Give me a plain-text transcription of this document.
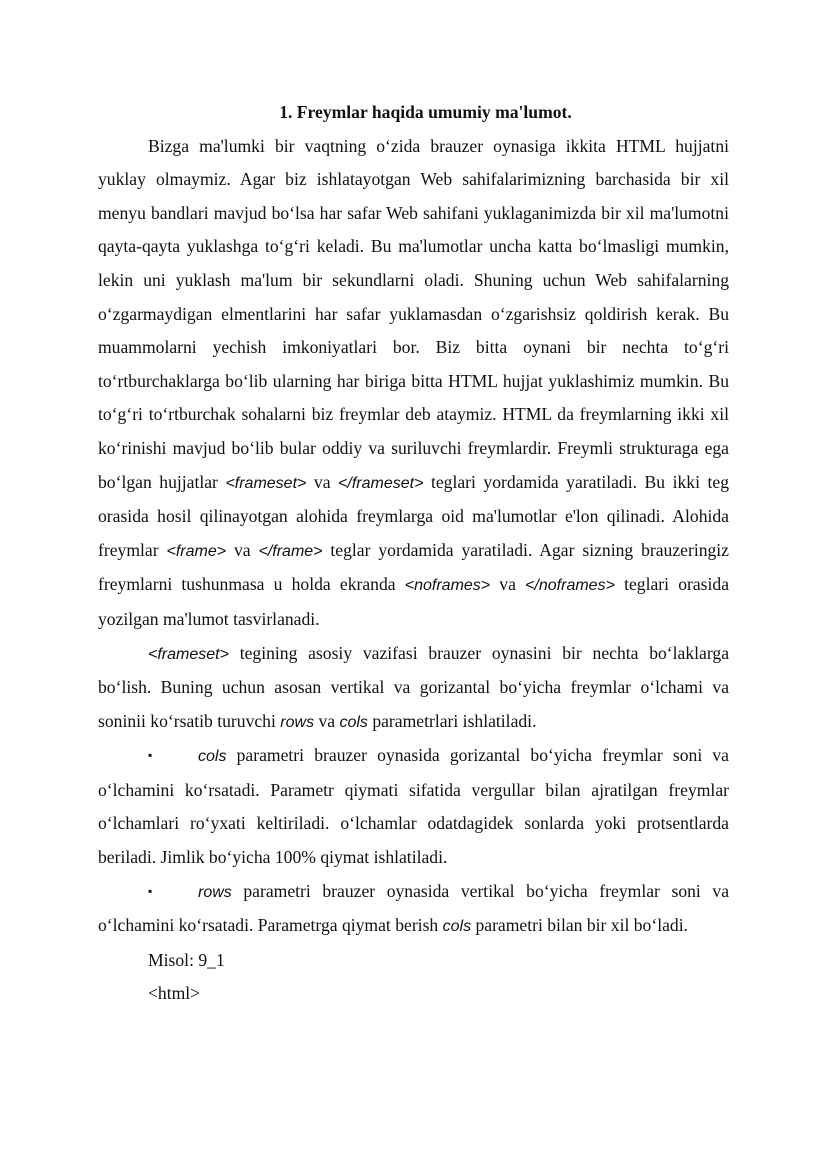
1. Freymlar haqida umumiy ma'lumot.

Bizga ma'lumki bir vaqtning o‘zida brauzer oynasiga ikkita HTML hujjatni yuklay olmaymiz. Agar biz ishlatayotgan Web sahifalarimizning barchasida bir xil menyu bandlari mavjud bo‘lsa har safar Web sahifani yuklaganimizda bir xil ma'lumotni qayta-qayta yuklashga to‘g‘ri keladi. Bu ma'lumotlar uncha katta bo‘lmasligi mumkin, lekin uni yuklash ma'lum bir sekundlarni oladi. Shuning uchun Web sahifalarning o‘zgarmaydigan elmentlarini har safar yuklamasdan o‘zgarishsiz qoldirish kerak. Bu muammolarni yechish imkoniyatlari bor. Biz bitta oynani bir nechta to‘g‘ri to‘rtburchaklarga bo‘lib ularning har biriga bitta HTML hujjat yuklashimiz mumkin. Bu to‘g‘ri to‘rtburchak sohalarni biz freymlar deb ataymiz. HTML da freymlarning ikki xil ko‘rinishi mavjud bo‘lib bular oddiy va suriluvchi freymlardir. Freymli strukturaga ega bo‘lgan hujjatlar <frameset> va </frameset> teglari yordamida yaratiladi. Bu ikki teg orasida hosil qilinayotgan alohida freymlarga oid ma'lumotlar e'lon qilinadi. Alohida freymlar <frame> va </frame> teglar yordamida yaratiladi. Agar sizning brauzeringiz freymlarni tushunmasa u holda ekranda <noframes> va </noframes> teglari orasida yozilgan ma'lumot tasvirlanadi.

<frameset> tegining asosiy vazifasi brauzer oynasini bir nechta bo‘laklarga bo‘lish. Buning uchun asosan vertikal va gorizantal bo‘yicha freymlar o‘lchami va soninii ko‘rsatib turuvchi rows va cols parametrlari ishlatiladi.

▪	cols parametri brauzer oynasida gorizantal bo‘yicha freymlar soni va o‘lchamini ko‘rsatadi. Parametr qiymati sifatida vergullar bilan ajratilgan freymlar o‘lchamlari ro‘yxati keltiriladi. o‘lchamlar odatdagidek sonlarda yoki protsentlarda beriladi. Jimlik bo‘yicha 100% qiymat ishlatiladi.

▪	rows parametri brauzer oynasida vertikal bo‘yicha freymlar soni va o‘lchamini ko‘rsatadi. Parametrga qiymat berish cols parametri bilan bir xil bo‘ladi.

Misol: 9_1

<html>
